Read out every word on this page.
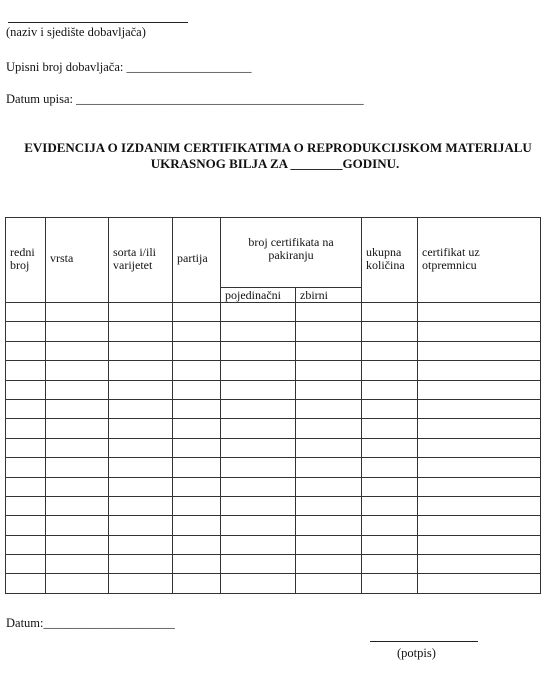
(naziv i sjedište dobavljača)
Upisni broj dobavljača: ____________________
Datum upisa: ______________________________________________
EVIDENCIJA O IZDANIM CERTIFIKATIMA O REPRODUKCIJSKOM MATERIJALU
UKRASNOG BILJA ZA ________GODINU.
redni broj	vrsta	sorta i/ili varijetet	partija	broj certifikata na pakiranju		ukupna količina	certifikat uz otpremnicu
				pojedinačni	zbirni		

Datum:_____________________
(potpis)
